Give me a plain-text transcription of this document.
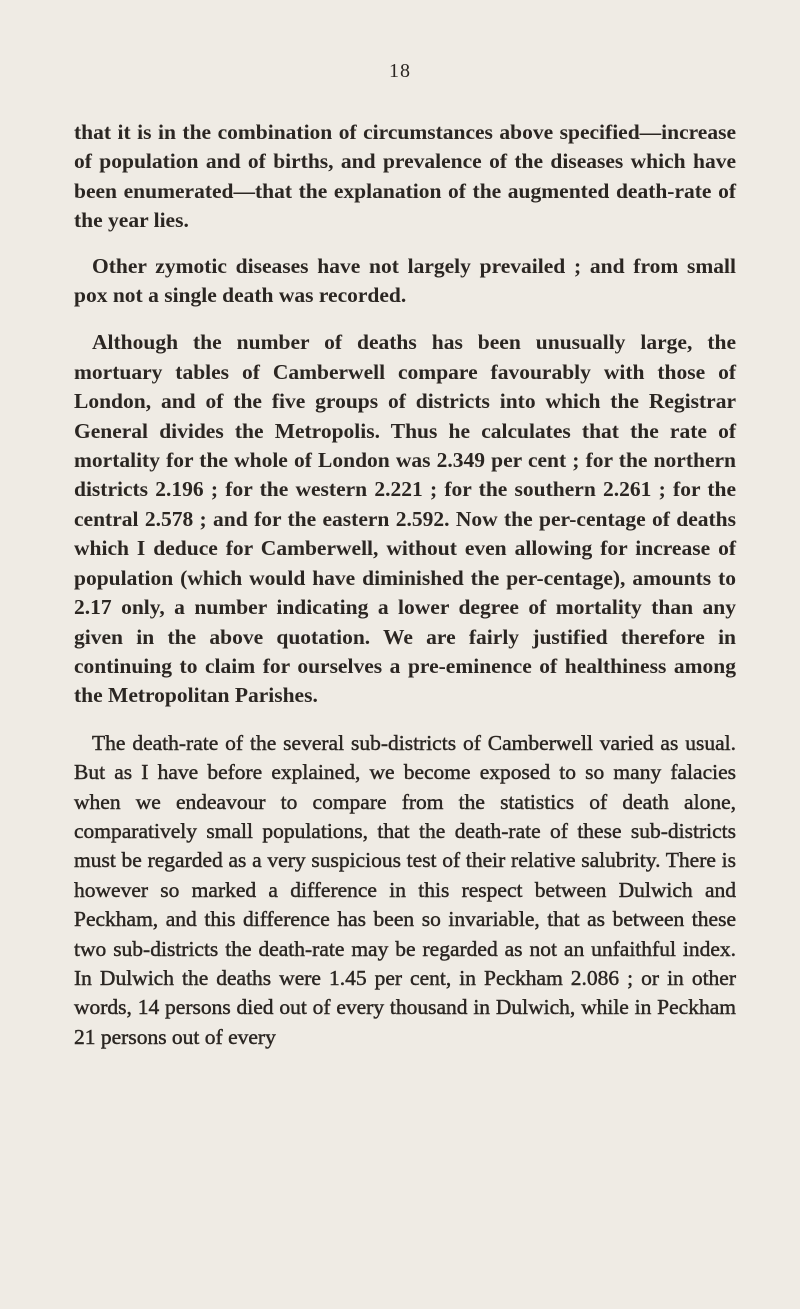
18

that it is in the combination of circumstances above specified—increase of population and of births, and prevalence of the diseases which have been enumerated—that the explanation of the augmented death-rate of the year lies.

Other zymotic diseases have not largely prevailed ; and from small pox not a single death was recorded.

Although the number of deaths has been unusually large, the mortuary tables of Camberwell compare favourably with those of London, and of the five groups of districts into which the Registrar General divides the Metropolis. Thus he calculates that the rate of mortality for the whole of London was 2.349 per cent ; for the northern districts 2.196 ; for the western 2.221 ; for the southern 2.261 ; for the central 2.578 ; and for the eastern 2.592. Now the per-centage of deaths which I deduce for Camberwell, without even allowing for increase of population (which would have diminished the per-centage), amounts to 2.17 only, a number indicating a lower degree of mortality than any given in the above quotation. We are fairly justified therefore in continuing to claim for ourselves a pre-eminence of healthiness among the Metropolitan Parishes.

The death-rate of the several sub-districts of Camberwell varied as usual. But as I have before explained, we become exposed to so many falacies when we endeavour to compare from the statistics of death alone, comparatively small populations, that the death-rate of these sub-districts must be regarded as a very suspicious test of their relative salubrity. There is however so marked a difference in this respect between Dulwich and Peckham, and this difference has been so invariable, that as between these two sub-districts the death-rate may be regarded as not an unfaithful index. In Dulwich the deaths were 1.45 per cent, in Peckham 2.086 ; or in other words, 14 persons died out of every thousand in Dulwich, while in Peckham 21 persons out of every
